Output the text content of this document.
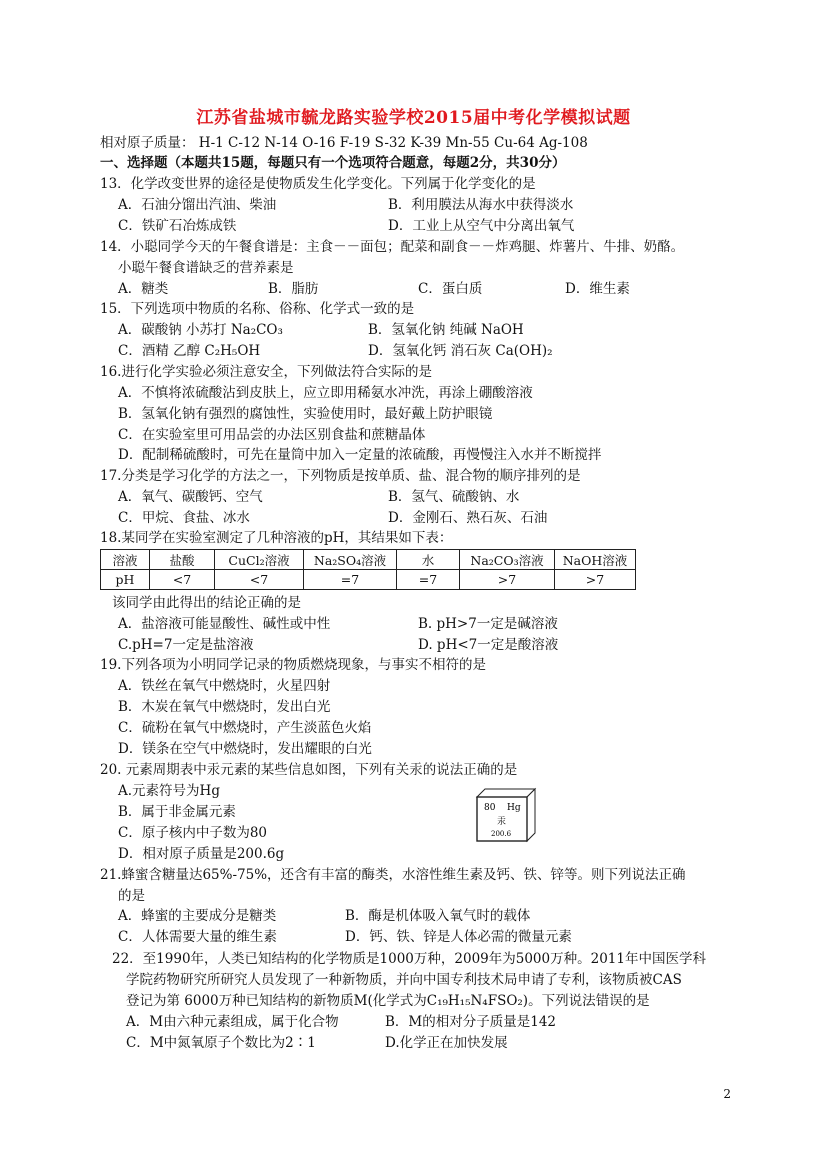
江苏省盐城市毓龙路实验学校2015届中考化学模拟试题
相对原子质量： H-1 C-12 N-14 O-16 F-19 S-32 K-39 Mn-55 Cu-64 Ag-108
一、选择题（本题共15题，每题只有一个选项符合题意，每题2分，共30分）
13．化学改变世界的途径是使物质发生化学变化。下列属于化学变化的是
A．石油分馏出汽油、柴油	B．利用膜法从海水中获得淡水
C．铁矿石冶炼成铁	D．工业上从空气中分离出氧气
14．小聪同学今天的午餐食谱是：主食－－面包；配菜和副食－－炸鸡腿、炸薯片、牛排、奶酪。
小聪午餐食谱缺乏的营养素是
A．糖类	B．脂肪	C．蛋白质	D．维生素
15．下列选项中物质的名称、俗称、化学式一致的是
A．碳酸钠 小苏打 Na₂CO₃	B．氢氧化钠 纯碱 NaOH
C．酒精 乙醇 C₂H₅OH	D．氢氧化钙 消石灰 Ca(OH)₂
16.进行化学实验必须注意安全，下列做法符合实际的是
A．不慎将浓硫酸沾到皮肤上，应立即用稀氨水冲洗，再涂上硼酸溶液
B．氢氧化钠有强烈的腐蚀性，实验使用时，最好戴上防护眼镜
C．在实验室里可用品尝的办法区别食盐和蔗糖晶体
D．配制稀硫酸时，可先在量筒中加入一定量的浓硫酸，再慢慢注入水并不断搅拌
17.分类是学习化学的方法之一，下列物质是按单质、盐、混合物的顺序排列的是
A．氧气、碳酸钙、空气	B．氢气、硫酸钠、水
C．甲烷、食盐、冰水	D．金刚石、熟石灰、石油
18.某同学在实验室测定了几种溶液的pH，其结果如下表：
溶液	盐酸	CuCl₂溶液	Na₂SO₄溶液	水	Na₂CO₃溶液	NaOH溶液
pH	<7	<7	=7	=7	>7	>7
该同学由此得出的结论正确的是
A．盐溶液可能显酸性、碱性或中性	B. pH>7一定是碱溶液
C.pH=7一定是盐溶液	D. pH<7一定是酸溶液
19.下列各项为小明同学记录的物质燃烧现象，与事实不相符的是
A．铁丝在氧气中燃烧时，火星四射
B．木炭在氧气中燃烧时，发出白光
C．硫粉在氧气中燃烧时，产生淡蓝色火焰
D．镁条在空气中燃烧时，发出耀眼的白光
20. 元素周期表中汞元素的某些信息如图，下列有关汞的说法正确的是
A.元素符号为Hg
B．属于非金属元素
C．原子核内中子数为80
D．相对原子质量是200.6g
80 Hg
汞
200.6
21.蜂蜜含糖量达65%-75%，还含有丰富的酶类，水溶性维生素及钙、铁、锌等。则下列说法正确
的是
A．蜂蜜的主要成分是糖类	B．酶是机体吸入氧气时的载体
C．人体需要大量的维生素	D．钙、铁、锌是人体必需的微量元素
22．至1990年，人类已知结构的化学物质是1000万种，2009年为5000万种。2011年中国医学科
学院药物研究所研究人员发现了一种新物质，并向中国专利技术局申请了专利，该物质被CAS
登记为第 6000万种已知结构的新物质M(化学式为C₁₉H₁₅N₄FSO₂)。下列说法错误的是
A．M由六种元素组成，属于化合物	B．M的相对分子质量是142
C．M中氮氧原子个数比为2∶1	D.化学正在加快发展
2
